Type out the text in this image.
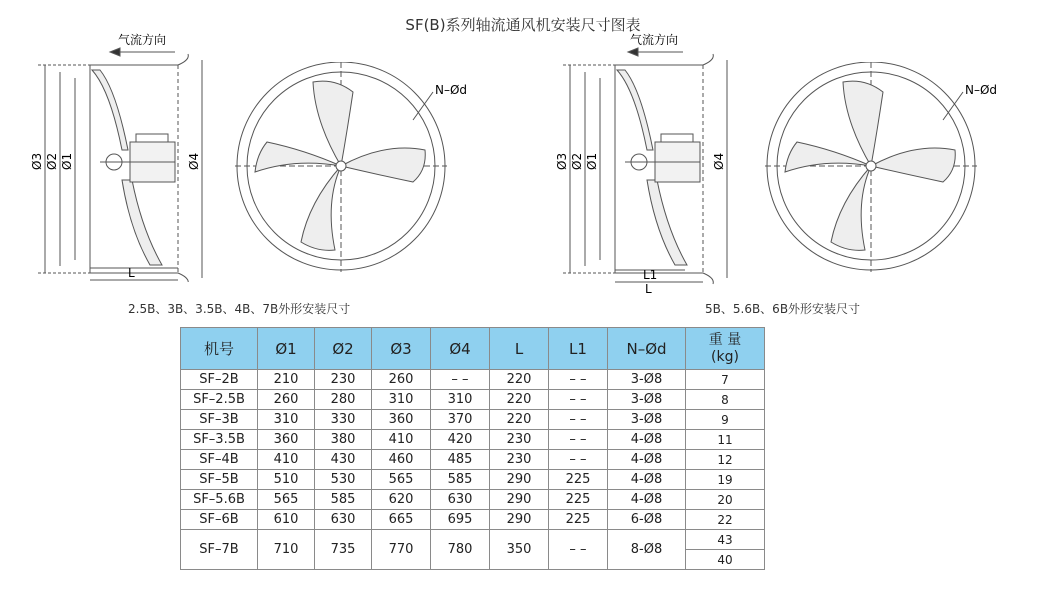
SF(B)系列轴流通风机安装尺寸图表
气流方向
Ø3 Ø2 Ø1	Ø4
L
N–Ød
2.5B、3B、3.5B、4B、7B外形安装尺寸
气流方向
Ø3 Ø2 Ø1	Ø4
L1
L
N–Ød
5B、5.6B、6B外形安装尺寸
机号	Ø1	Ø2	Ø3	Ø4	L	L1	N–Ød	重 量
(kg)

SF–2B	210	230	260	– –	220	– –	3-Ø8	7
SF–2.5B	260	280	310	310	220	– –	3-Ø8	8
SF–3B	310	330	360	370	220	– –	3-Ø8	9
SF–3.5B	360	380	410	420	230	– –	4-Ø8	11
SF–4B	410	430	460	485	230	– –	4-Ø8	12
SF–5B	510	530	565	585	290	225	4-Ø8	19
SF–5.6B	565	585	620	630	290	225	4-Ø8	20
SF–6B	610	630	665	695	290	225	6-Ø8	22
SF–7B	710	735	770	780	350	– –	8-Ø8	43
								40
